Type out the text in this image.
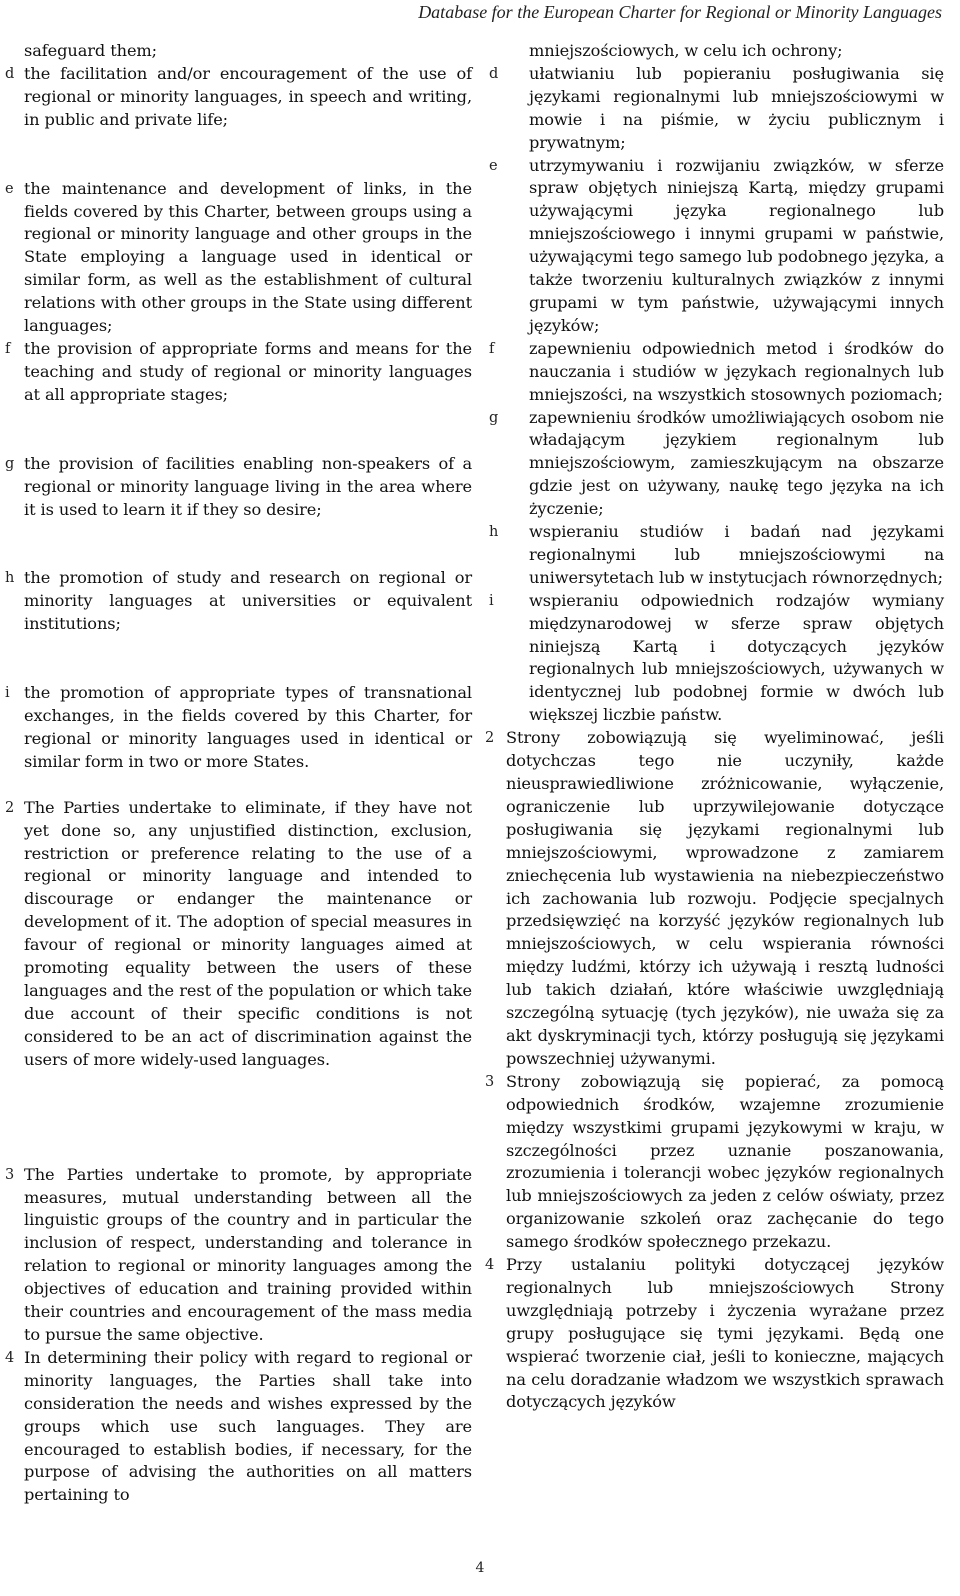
Database for the European Charter for Regional or Minority Languages
safeguard them;
d the facilitation and/or encouragement of the use of regional or minority languages, in speech and writing, in public and private life;
e the maintenance and development of links, in the fields covered by this Charter, between groups using a regional or minority language and other groups in the State employing a language used in identical or similar form, as well as the establishment of cultural relations with other groups in the State using different languages;
f the provision of appropriate forms and means for the teaching and study of regional or minority languages at all appropriate stages;
g the provision of facilities enabling non-speakers of a regional or minority language living in the area where it is used to learn it if they so desire;
h the promotion of study and research on regional or minority languages at universities or equivalent institutions;
i the promotion of appropriate types of transnational exchanges, in the fields covered by this Charter, for regional or minority languages used in identical or similar form in two or more States.
2 The Parties undertake to eliminate, if they have not yet done so, any unjustified distinction, exclusion, restriction or preference relating to the use of a regional or minority language and intended to discourage or endanger the maintenance or development of it. The adoption of special measures in favour of regional or minority languages aimed at promoting equality between the users of these languages and the rest of the population or which take due account of their specific conditions is not considered to be an act of discrimination against the users of more widely-used languages.
3 The Parties undertake to promote, by appropriate measures, mutual understanding between all the linguistic groups of the country and in particular the inclusion of respect, understanding and tolerance in relation to regional or minority languages among the objectives of education and training provided within their countries and encouragement of the mass media to pursue the same objective.
4 In determining their policy with regard to regional or minority languages, the Parties shall take into consideration the needs and wishes expressed by the groups which use such languages. They are encouraged to establish bodies, if necessary, for the purpose of advising the authorities on all matters pertaining to
mniejszościowych, w celu ich ochrony;
d ułatwianiu lub popieraniu posługiwania się językami regionalnymi lub mniejszościowymi w mowie i na piśmie, w życiu publicznym i prywatnym;
e utrzymywaniu i rozwijaniu związków, w sferze spraw objętych niniejszą Kartą, między grupami używającymi języka regionalnego lub mniejszościowego i innymi grupami w państwie, używającymi tego samego lub podobnego języka, a także tworzeniu kulturalnych związków z innymi grupami w tym państwie, używającymi innych języków;
f zapewnieniu odpowiednich metod i środków do nauczania i studiów w językach regionalnych lub mniejszości, na wszystkich stosownych poziomach;
g zapewnieniu środków umożliwiających osobom nie władającym językiem regionalnym lub mniejszościowym, zamieszkującym na obszarze gdzie jest on używany, naukę tego języka na ich życzenie;
h wspieraniu studiów i badań nad językami regionalnymi lub mniejszościowymi na uniwersytetach lub w instytucjach równorzędnych;
i wspieraniu odpowiednich rodzajów wymiany międzynarodowej w sferze spraw objętych niniejszą Kartą i dotyczących języków regionalnych lub mniejszościowych, używanych w identycznej lub podobnej formie w dwóch lub większej liczbie państw.
2 Strony zobowiązują się wyeliminować, jeśli dotychczas tego nie uczyniły, każde nieusprawiedliwione zróżnicowanie, wyłączenie, ograniczenie lub uprzywilejowanie dotyczące posługiwania się językami regionalnymi lub mniejszościowymi, wprowadzone z zamiarem zniechęcenia lub wystawienia na niebezpieczeństwo ich zachowania lub rozwoju. Podjęcie specjalnych przedsięwzięć na korzyść języków regionalnych lub mniejszościowych, w celu wspierania równości między ludźmi, którzy ich używają i resztą ludności lub takich działań, które właściwie uwzględniają szczególną sytuację (tych języków), nie uważa się za akt dyskryminacji tych, którzy posługują się językami powszechniej używanymi.
3 Strony zobowiązują się popierać, za pomocą odpowiednich środków, wzajemne zrozumienie między wszystkimi grupami językowymi w kraju, w szczególności przez uznanie poszanowania, zrozumienia i tolerancji wobec języków regionalnych lub mniejszościowych za jeden z celów oświaty, przez organizowanie szkoleń oraz zachęcanie do tego samego środków społecznego przekazu.
4 Przy ustalaniu polityki dotyczącej języków regionalnych lub mniejszościowych Strony uwzględniają potrzeby i życzenia wyrażane przez grupy posługujące się tymi językami. Będą one wspierać tworzenie ciał, jeśli to konieczne, mających na celu doradzanie władzom we wszystkich sprawach dotyczących języków
4
